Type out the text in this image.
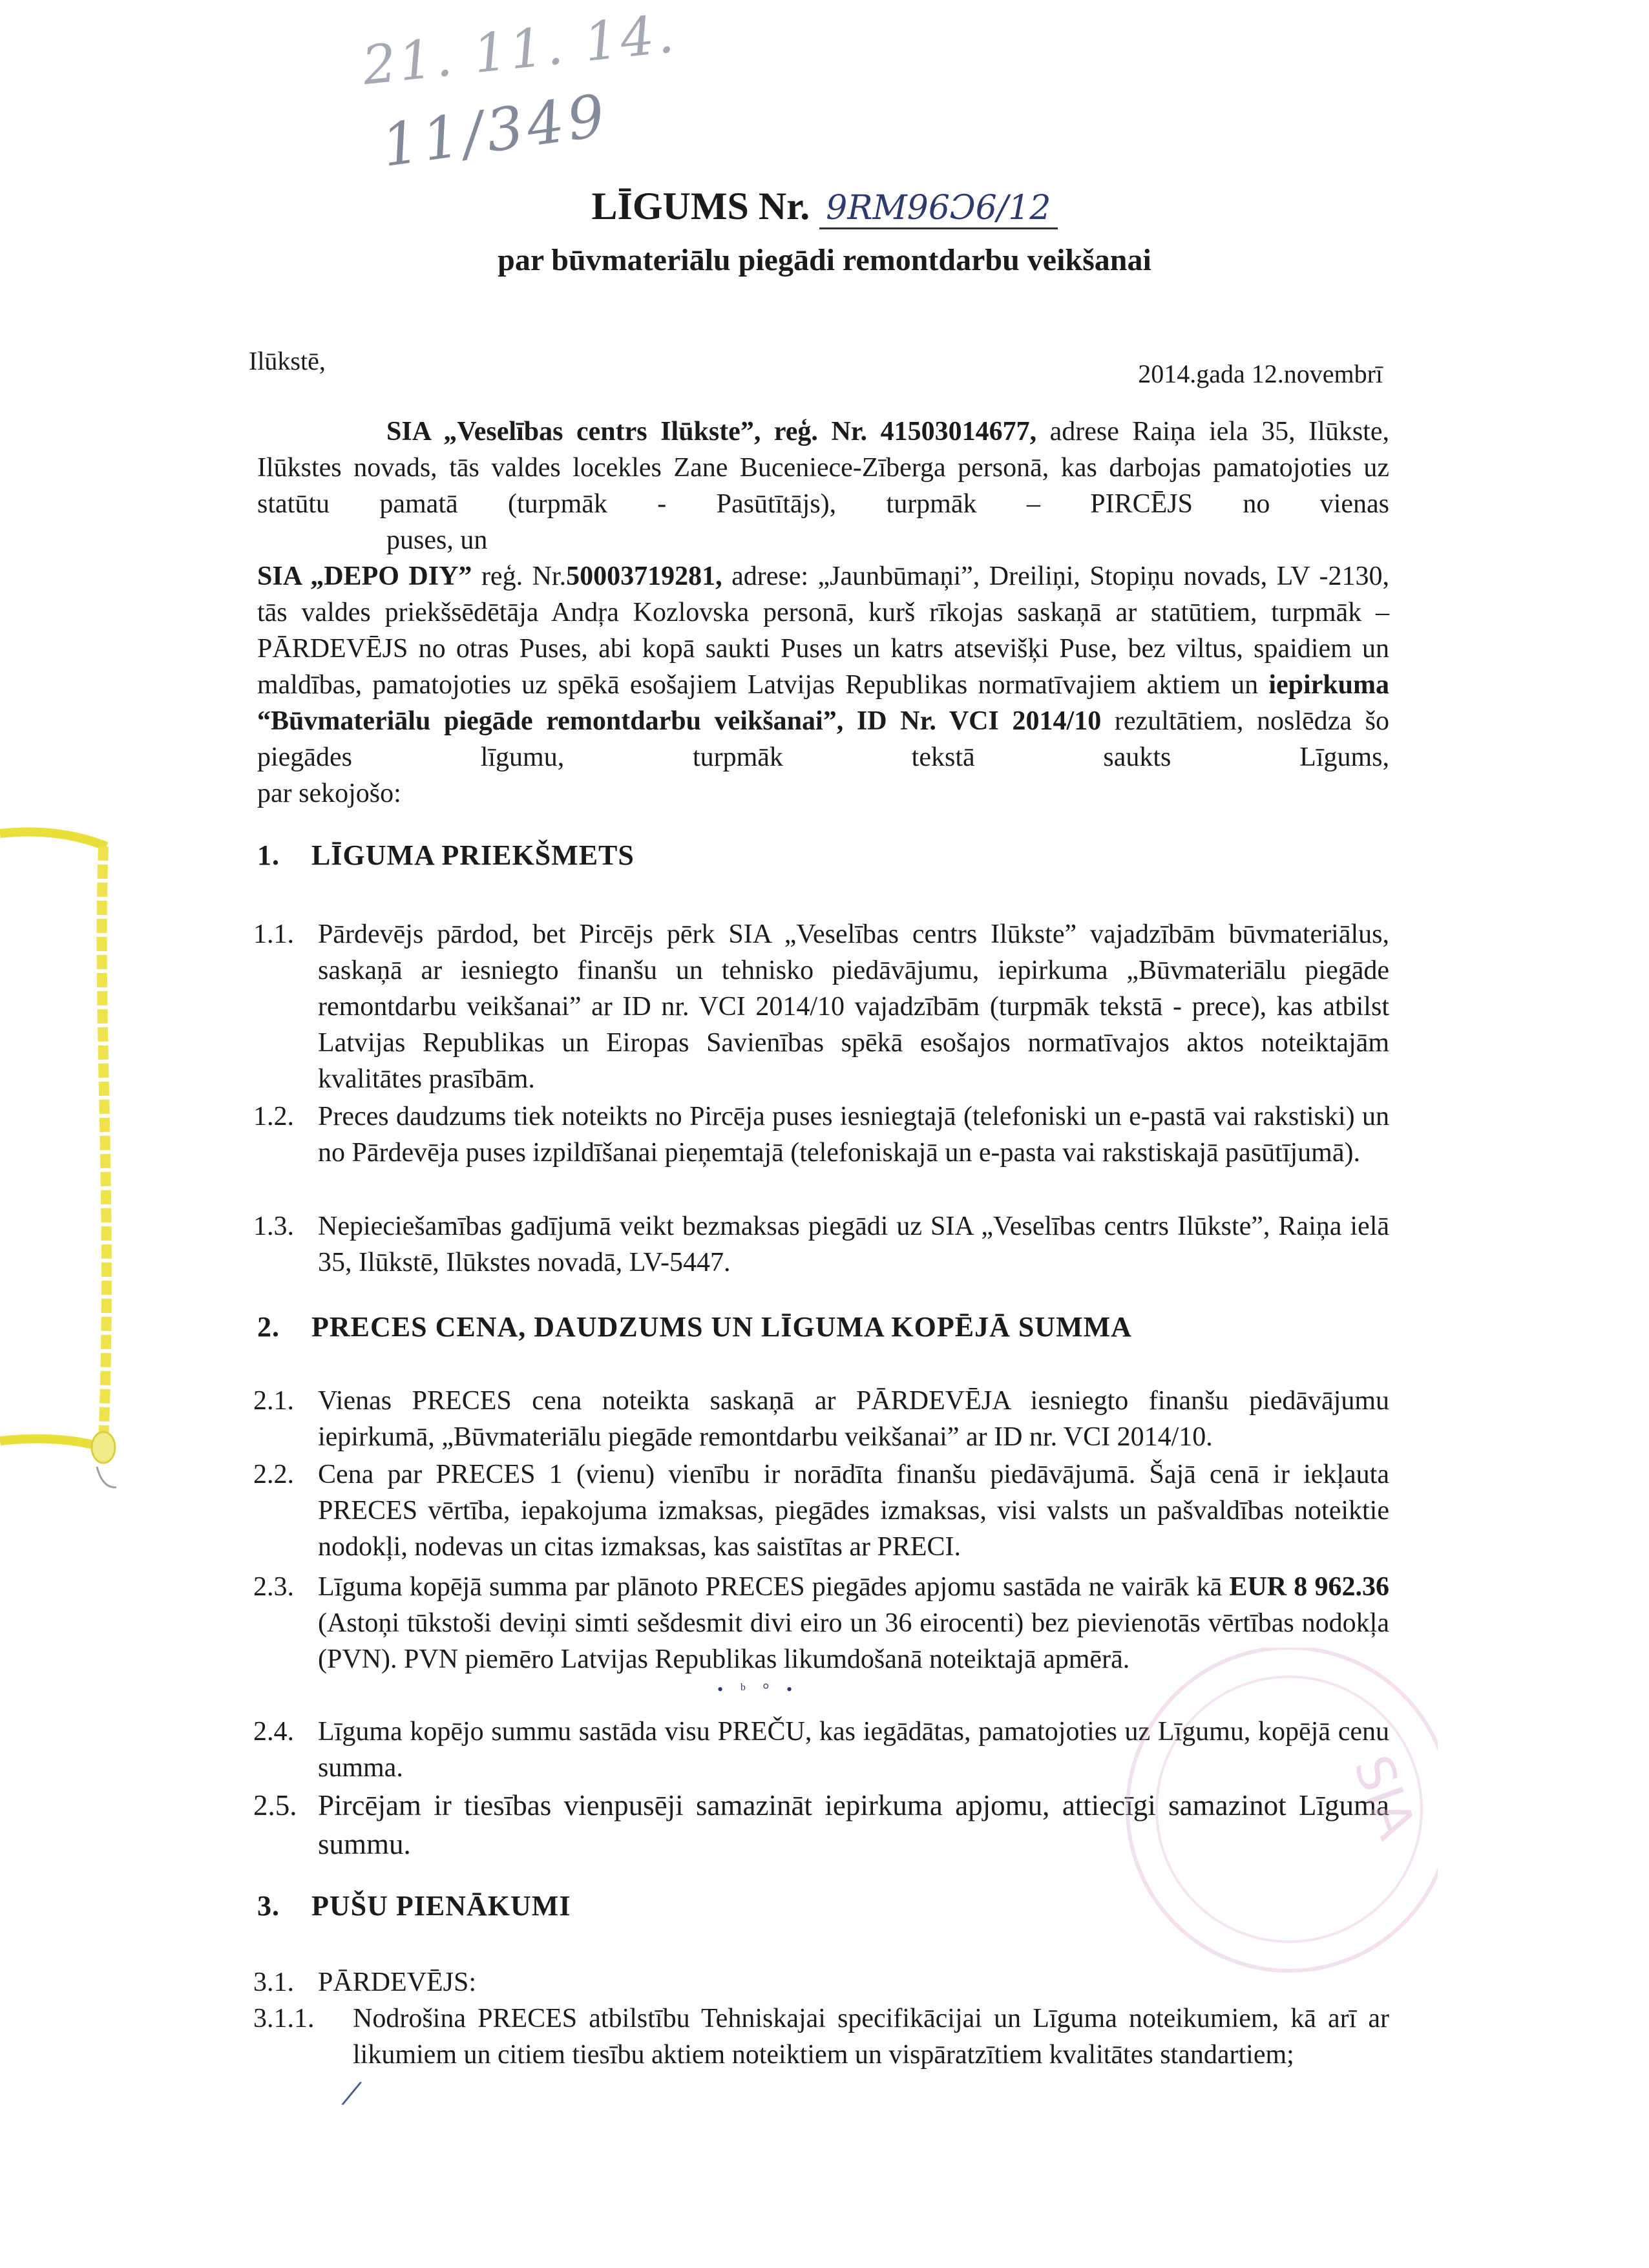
21. 11. 14.
11/349
LĪGUMS Nr. 9RM96Ɔ6/12
par būvmateriālu piegādi remontdarbu veikšanai
Ilūkstē,	2014.gada 12.novembrī
SIA „Veselības centrs Ilūkste”, reģ. Nr. 41503014677, adrese Raiņa iela 35, Ilūkste, Ilūkstes novads, tās valdes locekles Zane Buceniece-Zīberga personā, kas darbojas pamatojoties uz statūtu pamatā (turpmāk - Pasūtītājs), turpmāk – PIRCĒJS no vienas
puses, un
SIA „DEPO DIY” reģ. Nr.50003719281, adrese: „Jaunbūmaņi”, Dreiliņi, Stopiņu novads, LV -2130, tās valdes priekšsēdētāja Andŗa Kozlovska personā, kurš rīkojas saskaņā ar statūtiem, turpmāk – PĀRDEVĒJS no otras Puses, abi kopā saukti Puses un katrs atsevišķi Puse, bez viltus, spaidiem un maldības, pamatojoties uz spēkā esošajiem Latvijas Republikas normatīvajiem aktiem un iepirkuma “Būvmateriālu piegāde remontdarbu veikšanai”, ID Nr. VCI 2014/10 rezultātiem, noslēdza šo piegādes līgumu, turpmāk tekstā saukts Līgums,
par sekojošo:
1. LĪGUMA PRIEKŠMETS
1.1. Pārdevējs pārdod, bet Pircējs pērk SIA „Veselības centrs Ilūkste” vajadzībām būvmateriālus, saskaņā ar iesniegto finanšu un tehnisko piedāvājumu, iepirkuma „Būvmateriālu piegāde remontdarbu veikšanai” ar ID nr. VCI 2014/10 vajadzībām (turpmāk tekstā - prece), kas atbilst Latvijas Republikas un Eiropas Savienības spēkā esošajos normatīvajos aktos noteiktajām kvalitātes prasībām.
1.2. Preces daudzums tiek noteikts no Pircēja puses iesniegtajā (telefoniski un e-pastā vai rakstiski) un no Pārdevēja puses izpildīšanai pieņemtajā (telefoniskajā un e-pasta vai rakstiskajā pasūtījumā).
1.3. Nepieciešamības gadījumā veikt bezmaksas piegādi uz SIA „Veselības centrs Ilūkste”, Raiņa ielā 35, Ilūkstē, Ilūkstes novadā, LV-5447.
2. PRECES CENA, DAUDZUMS UN LĪGUMA KOPĒJĀ SUMMA
2.1. Vienas PRECES cena noteikta saskaņā ar PĀRDEVĒJA iesniegto finanšu piedāvājumu iepirkumā, „Būvmateriālu piegāde remontdarbu veikšanai” ar ID nr. VCI 2014/10.
2.2. Cena par PRECES 1 (vienu) vienību ir norādīta finanšu piedāvājumā. Šajā cenā ir iekļauta PRECES vērtība, iepakojuma izmaksas, piegādes izmaksas, visi valsts un pašvaldības noteiktie nodokļi, nodevas un citas izmaksas, kas saistītas ar PRECI.
2.3. Līguma kopējā summa par plānoto PRECES piegādes apjomu sastāda ne vairāk kā EUR 8 962.36 (Astoņi tūkstoši deviņi simti sešdesmit divi eiro un 36 eirocenti) bez pievienotās vērtības nodokļa (PVN). PVN piemēro Latvijas Republikas likumdošanā noteiktajā apmērā.
2.4. Līguma kopējo summu sastāda visu PREČU, kas iegādātas, pamatojoties uz Līgumu, kopējā cenu summa.
2.5. Pircējam ir tiesības vienpusēji samazināt iepirkuma apjomu, attiecīgi samazinot Līguma summu.
3. PUŠU PIENĀKUMI
3.1. PĀRDEVĒJS:
3.1.1. Nodrošina PRECES atbilstību Tehniskajai specifikācijai un Līguma noteikumiem, kā arī ar likumiem un citiem tiesību aktiem noteiktiem un vispāratzītiem kvalitātes standartiem;
SIA
• ᵇ ° •
/
